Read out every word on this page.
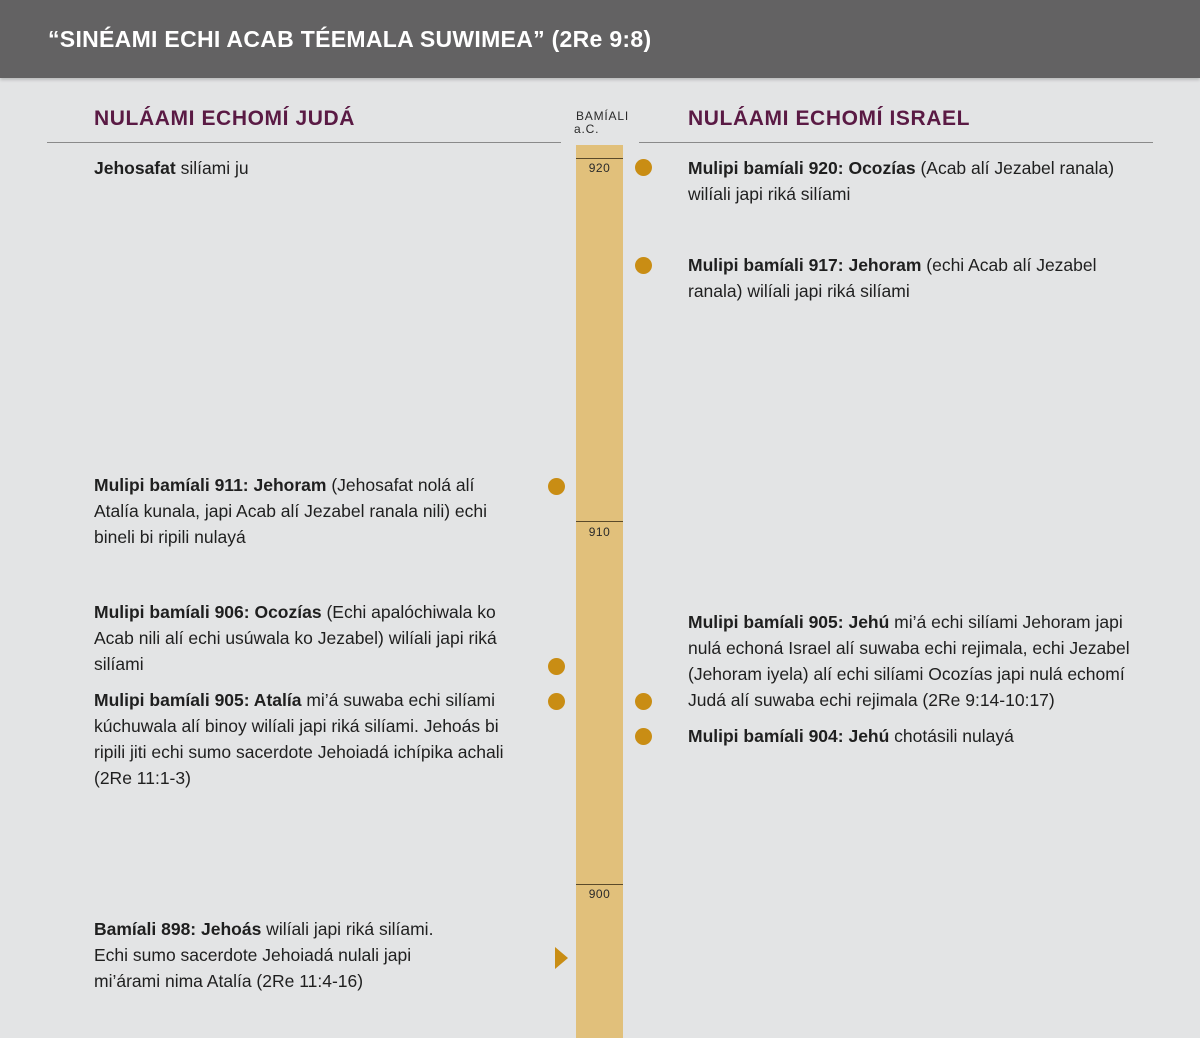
“SINÉAMI ECHI ACAB TÉEMALA SUWIMEA” (2Re 9:8)
NULÁAMI ECHOMÍ JUDÁ	NULÁAMI ECHOMÍ ISRAEL
BAMÍALI
a.C.
920
910
900
Jehosafat silíami ju
Mulipi bamíali 911: Jehoram (Jehosafat nolá alí Atalía kunala, japi Acab alí Jezabel ranala nili) echi bineli bi ripili nulayá
Mulipi bamíali 906: Ocozías (Echi apalóchiwala ko Acab nili alí echi usúwala ko Jezabel) wilíali japi riká silíami
Mulipi bamíali 905: Atalía mi’á suwaba echi silíami kúchuwala alí binoy wilíali japi riká silíami. Jehoás bi ripili jiti echi sumo sacerdote Jehoiadá ichípika achali (2Re 11:1-3)
Bamíali 898: Jehoás wilíali japi riká silíami. Echi sumo sacerdote Jehoiadá nulali japi mi’árami nima Atalía (2Re 11:4-16)
Mulipi bamíali 920: Ocozías (Acab alí Jezabel ranala) wilíali japi riká silíami
Mulipi bamíali 917: Jehoram (echi Acab alí Jezabel ranala) wilíali japi riká silíami
Mulipi bamíali 905: Jehú mi’á echi silíami Jehoram japi nulá echoná Israel alí suwaba echi rejimala, echi Jezabel (Jehoram iyela) alí echi silíami Ocozías japi nulá echomí Judá alí suwaba echi rejimala (2Re 9:14-10:17)
Mulipi bamíali 904: Jehú chotásili nulayá
